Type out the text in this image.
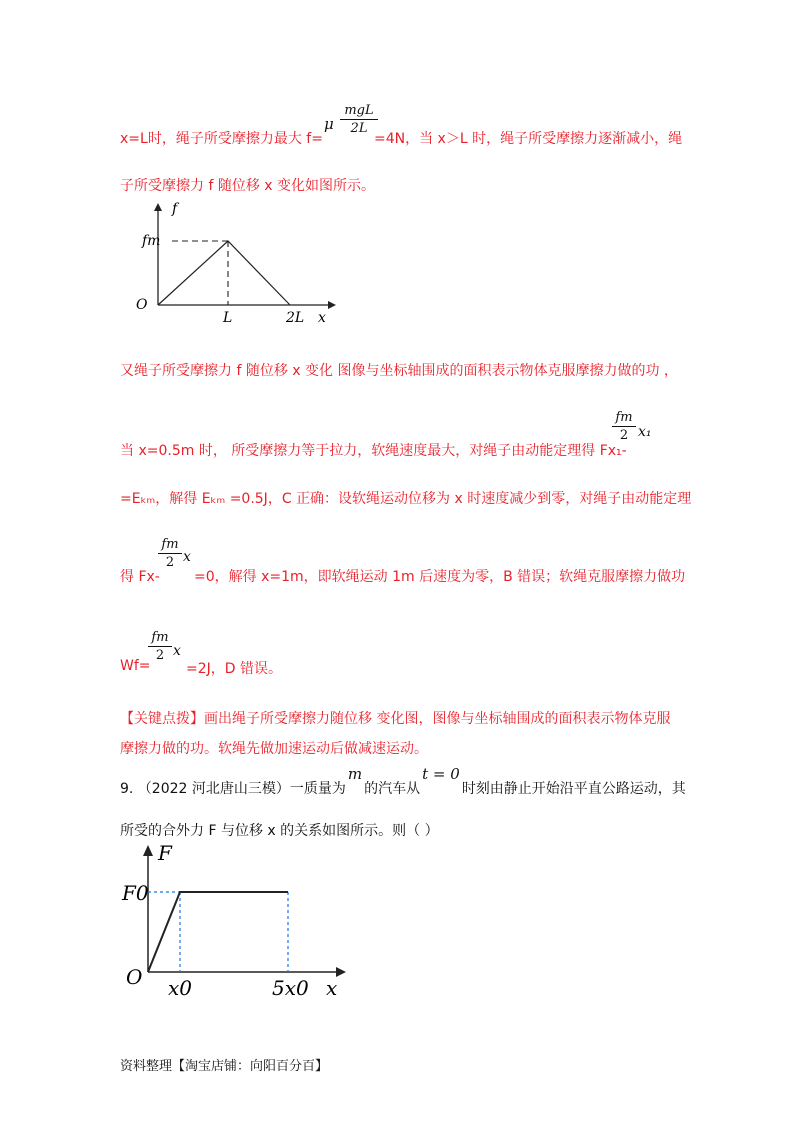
x=L时，绳子所受摩擦力最大 f=
μ
mgL
2L
=4N，当 x＞L 时，绳子所受摩擦力逐渐减小，绳
子所受摩擦力 f 随位移 x 变化如图所示。
f
fm
O
L	2L x
又绳子所受摩擦力 f 随位移 x 变化 图像与坐标轴围成的面积表示物体克服摩擦力做的功 ，
当 x=0.5m 时， 所受摩擦力等于拉力，软绳速度最大，对绳子由动能定理得 Fx₁-
fm
2 x₁
=Eₖₘ，解得 Eₖₘ =0.5J，C 正确：设软绳运动位移为 x 时速度减少到零，对绳子由动能定理
得 Fx-
fm
2 x
=0，解得 x=1m，即软绳运动 1m 后速度为零，B 错误；软绳克服摩擦力做功
Wf=
fm
2 x
=2J，D 错误。
【关键点拨】画出绳子所受摩擦力随位移 变化图，图像与坐标轴围成的面积表示物体克服
摩擦力做的功。软绳先做加速运动后做减速运动。
9. （2022 河北唐山三模）一质量为m的汽车从t = 0时刻由静止开始沿平直公路运动，其
所受的合外力 F 与位移 x 的关系如图所示。则（ ）
F
F0
O x0	5x0 x
资料整理【淘宝店铺：向阳百分百】
